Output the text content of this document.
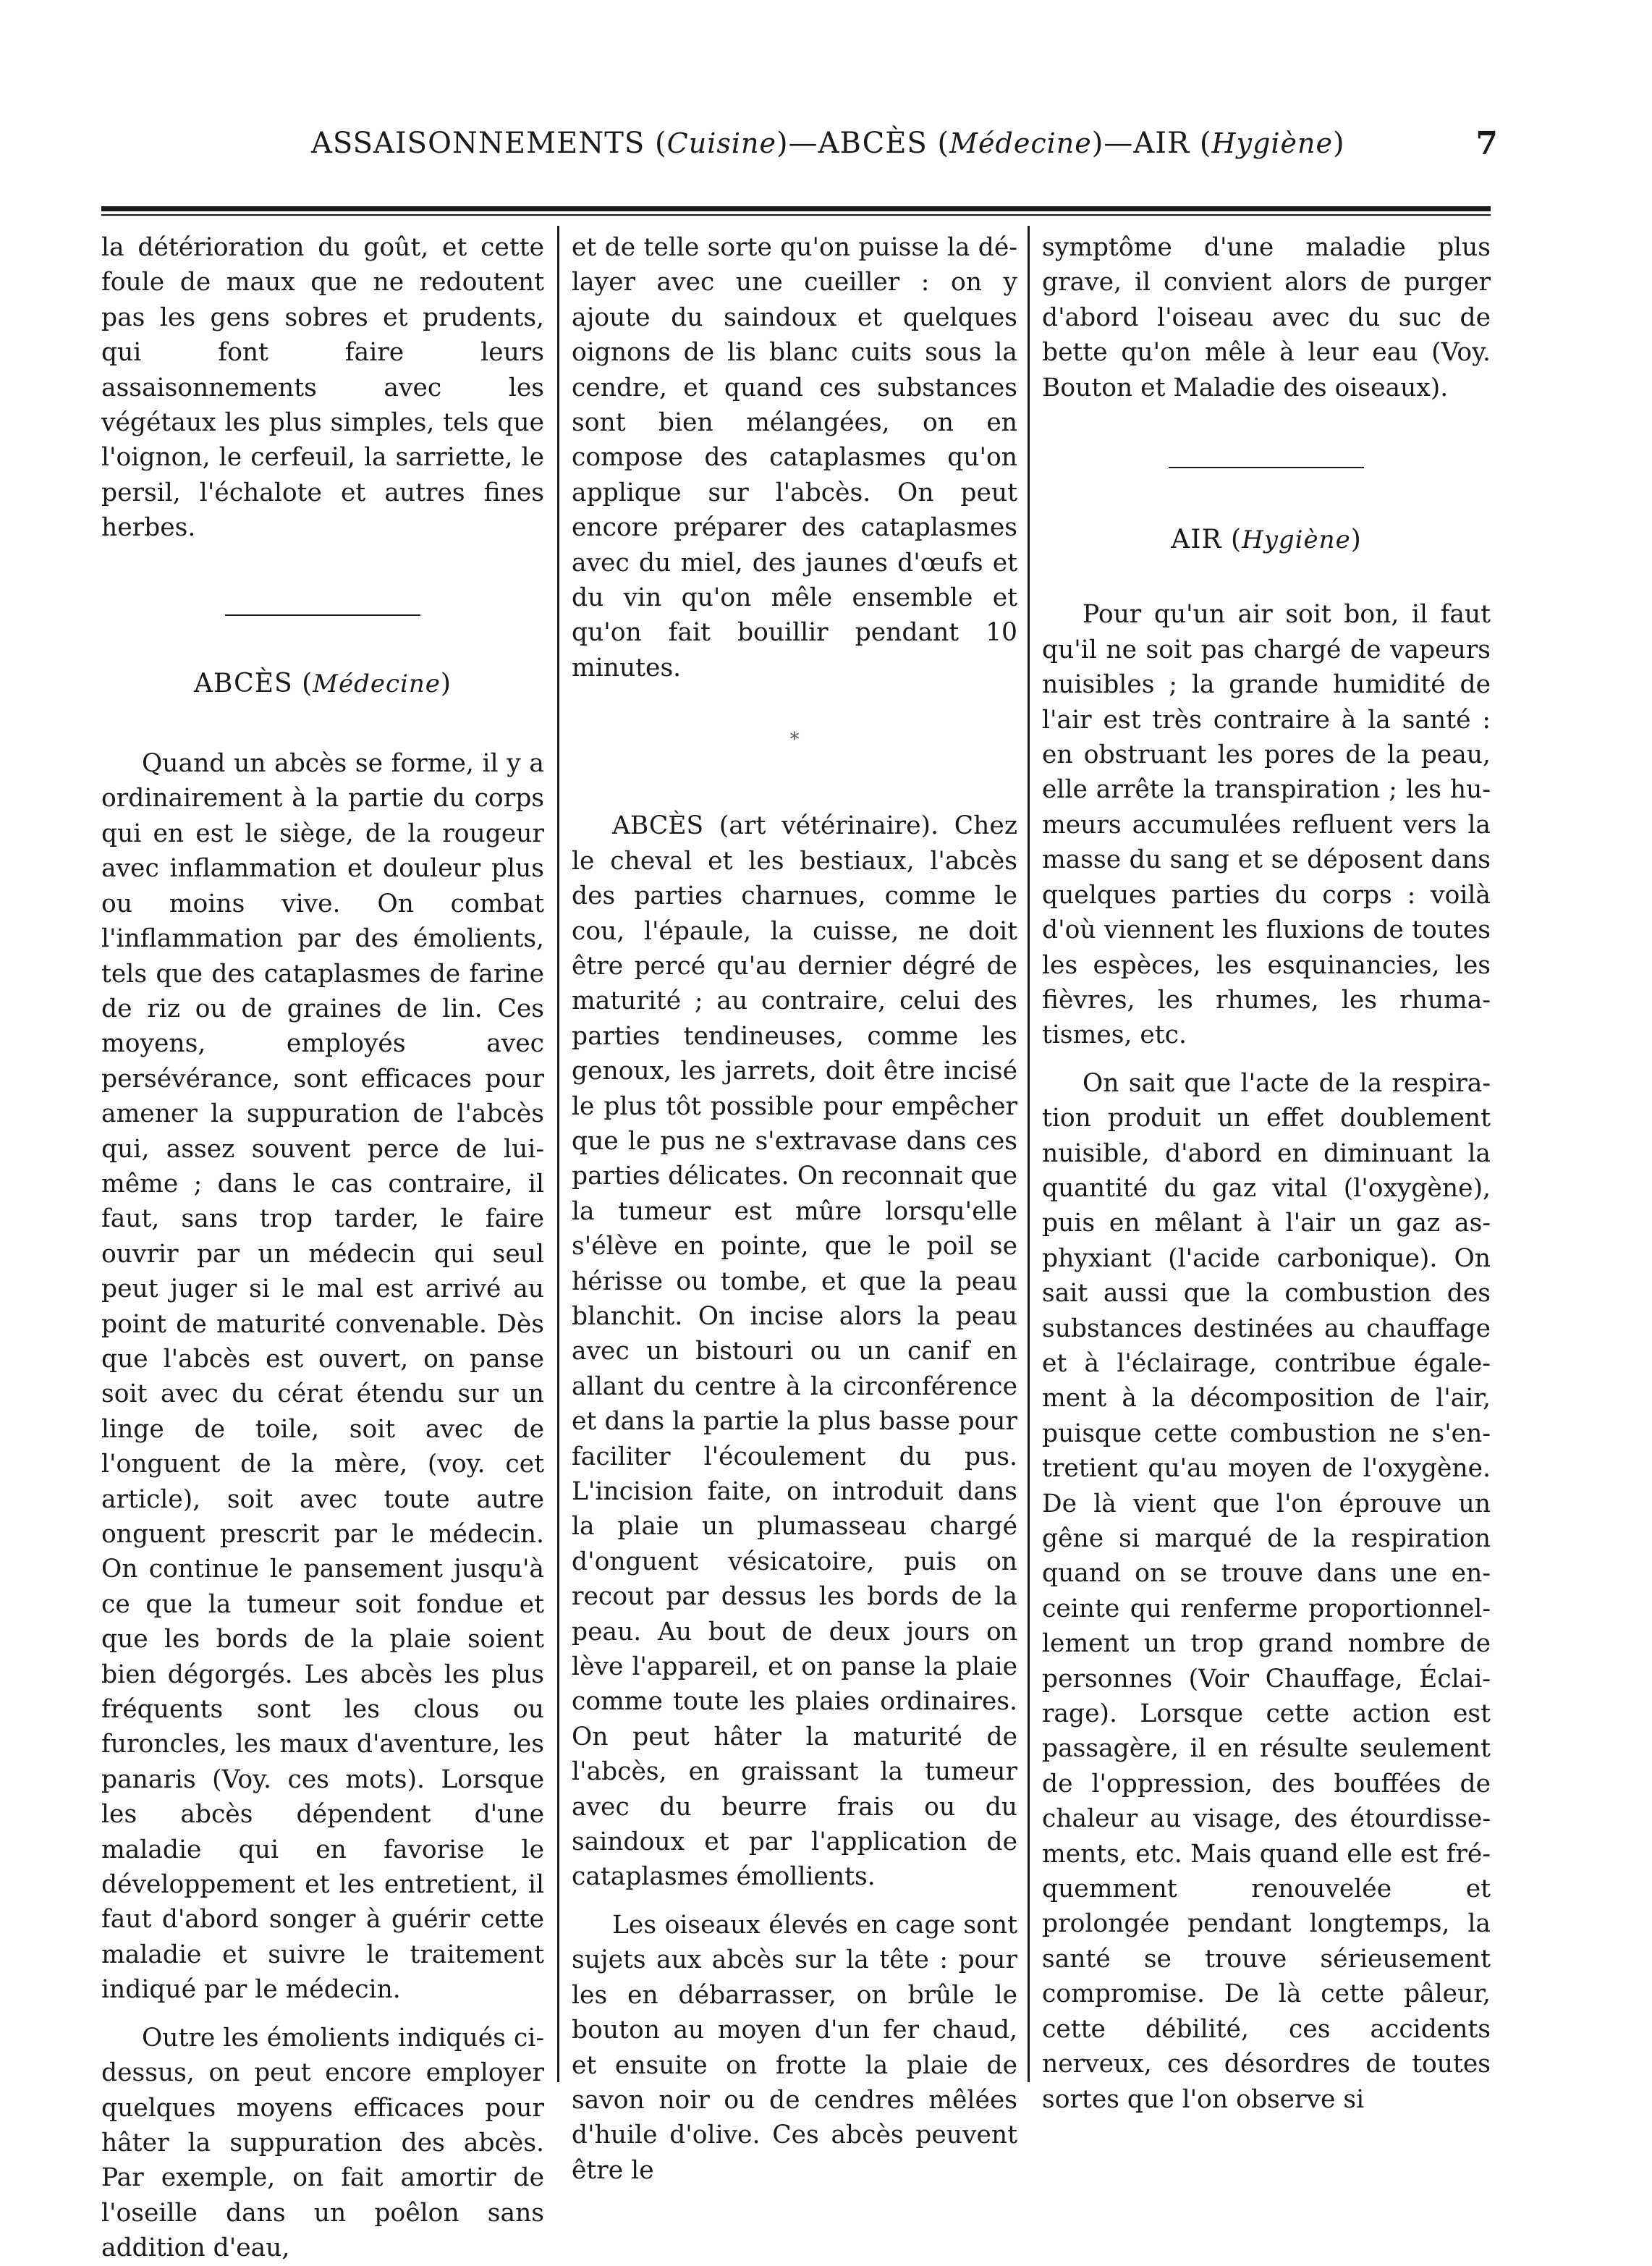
ASSAISONNEMENTS (Cuisine)—ABCÈS (Médecine)—AIR (Hygiène)	7

la détérioration du goût, et cette foule de maux que ne redoutent pas les gens sobres et prudents, qui font faire leurs assaisonnements avec les végétaux les plus simples, tels que l'oignon, le cerfeuil, la sarriette, le persil, l'échalote et autres fines herbes.

ABCÈS (Médecine)

Quand un abcès se forme, il y a ordinairement à la partie du corps qui en est le siège, de la rougeur avec inflammation et douleur plus ou moins vive. On combat l'inflammation par des émolients, tels que des cataplasmes de farine de riz ou de graines de lin. Ces moyens, employés avec persévérance, sont efficaces pour amener la suppuration de l'abcès qui, assez souvent perce de lui-même ; dans le cas contraire, il faut, sans trop tarder, le faire ouvrir par un médecin qui seul peut juger si le mal est arrivé au point de maturité convenable. Dès que l'abcès est ouvert, on panse soit avec du cérat étendu sur un linge de toile, soit avec de l'onguent de la mère, (voy. cet article), soit avec toute autre onguent prescrit par le médecin. On continue le pansement jusqu'à ce que la tumeur soit fondue et que les bords de la plaie soient bien dégorgés. Les abcès les plus fréquents sont les clous ou furoncles, les maux d'aventure, les panaris (Voy. ces mots). Lorsque les abcès dépendent d'une maladie qui en favorise le développement et les entretient, il faut d'abord songer à guérir cette maladie et suivre le traitement indiqué par le médecin.

Outre les émolients indiqués ci-dessus, on peut encore employer quelques moyens efficaces pour hâter la suppuration des abcès. Par exemple, on fait amortir de l'oseille dans un poêlon sans addition d'eau,

et de telle sorte qu'on puisse la délayer avec une cueiller : on y ajoute du saindoux et quelques oignons de lis blanc cuits sous la cendre, et quand ces substances sont bien mélangées, on en compose des cataplasmes qu'on applique sur l'abcès. On peut encore préparer des cataplasmes avec du miel, des jaunes d'œufs et du vin qu'on mêle ensemble et qu'on fait bouillir pendant 10 minutes.

*

ABCÈS (art vétérinaire). Chez le cheval et les bestiaux, l'abcès des parties charnues, comme le cou, l'épaule, la cuisse, ne doit être percé qu'au dernier dégré de maturité ; au contraire, celui des parties tendineuses, comme les genoux, les jarrets, doit être incisé le plus tôt possible pour empêcher que le pus ne s'extravase dans ces parties délicates. On reconnait que la tumeur est mûre lorsqu'elle s'élève en pointe, que le poil se hérisse ou tombe, et que la peau blanchit. On incise alors la peau avec un bistouri ou un canif en allant du centre à la circonférence et dans la partie la plus basse pour faciliter l'écoulement du pus. L'incision faite, on introduit dans la plaie un plumasseau chargé d'onguent vésicatoire, puis on recout par dessus les bords de la peau. Au bout de deux jours on lève l'appareil, et on panse la plaie comme toute les plaies ordinaires. On peut hâter la maturité de l'abcès, en graissant la tumeur avec du beurre frais ou du saindoux et par l'application de cataplasmes émollients.

Les oiseaux élevés en cage sont sujets aux abcès sur la tête : pour les en débarrasser, on brûle le bouton au moyen d'un fer chaud, et ensuite on frotte la plaie de savon noir ou de cendres mêlées d'huile d'olive. Ces abcès peuvent être le

symptôme d'une maladie plus grave, il convient alors de purger d'abord l'oiseau avec du suc de bette qu'on mêle à leur eau (Voy. Bouton et Maladie des oiseaux).

AIR (Hygiène)

Pour qu'un air soit bon, il faut qu'il ne soit pas chargé de vapeurs nuisibles ; la grande humidité de l'air est très contraire à la santé : en obstruant les pores de la peau, elle arrête la transpiration ; les humeurs accumulées refluent vers la masse du sang et se déposent dans quelques parties du corps : voilà d'où viennent les fluxions de toutes les espèces, les esquinancies, les fièvres, les rhumes, les rhumatismes, etc.

On sait que l'acte de la respiration produit un effet doublement nuisible, d'abord en diminuant la quantité du gaz vital (l'oxygène), puis en mêlant à l'air un gaz asphyxiant (l'acide carbonique). On sait aussi que la combustion des substances destinées au chauffage et à l'éclairage, contribue également à la décomposition de l'air, puisque cette combustion ne s'entretient qu'au moyen de l'oxygène. De là vient que l'on éprouve un gêne si marqué de la respiration quand on se trouve dans une enceinte qui renferme proportionnellement un trop grand nombre de personnes (Voir Chauffage, Éclairage). Lorsque cette action est passagère, il en résulte seulement de l'oppression, des bouffées de chaleur au visage, des étourdissements, etc. Mais quand elle est fréquemment renouvelée et prolongée pendant longtemps, la santé se trouve sérieusement compromise. De là cette pâleur, cette débilité, ces accidents nerveux, ces désordres de toutes sortes que l'on observe si
